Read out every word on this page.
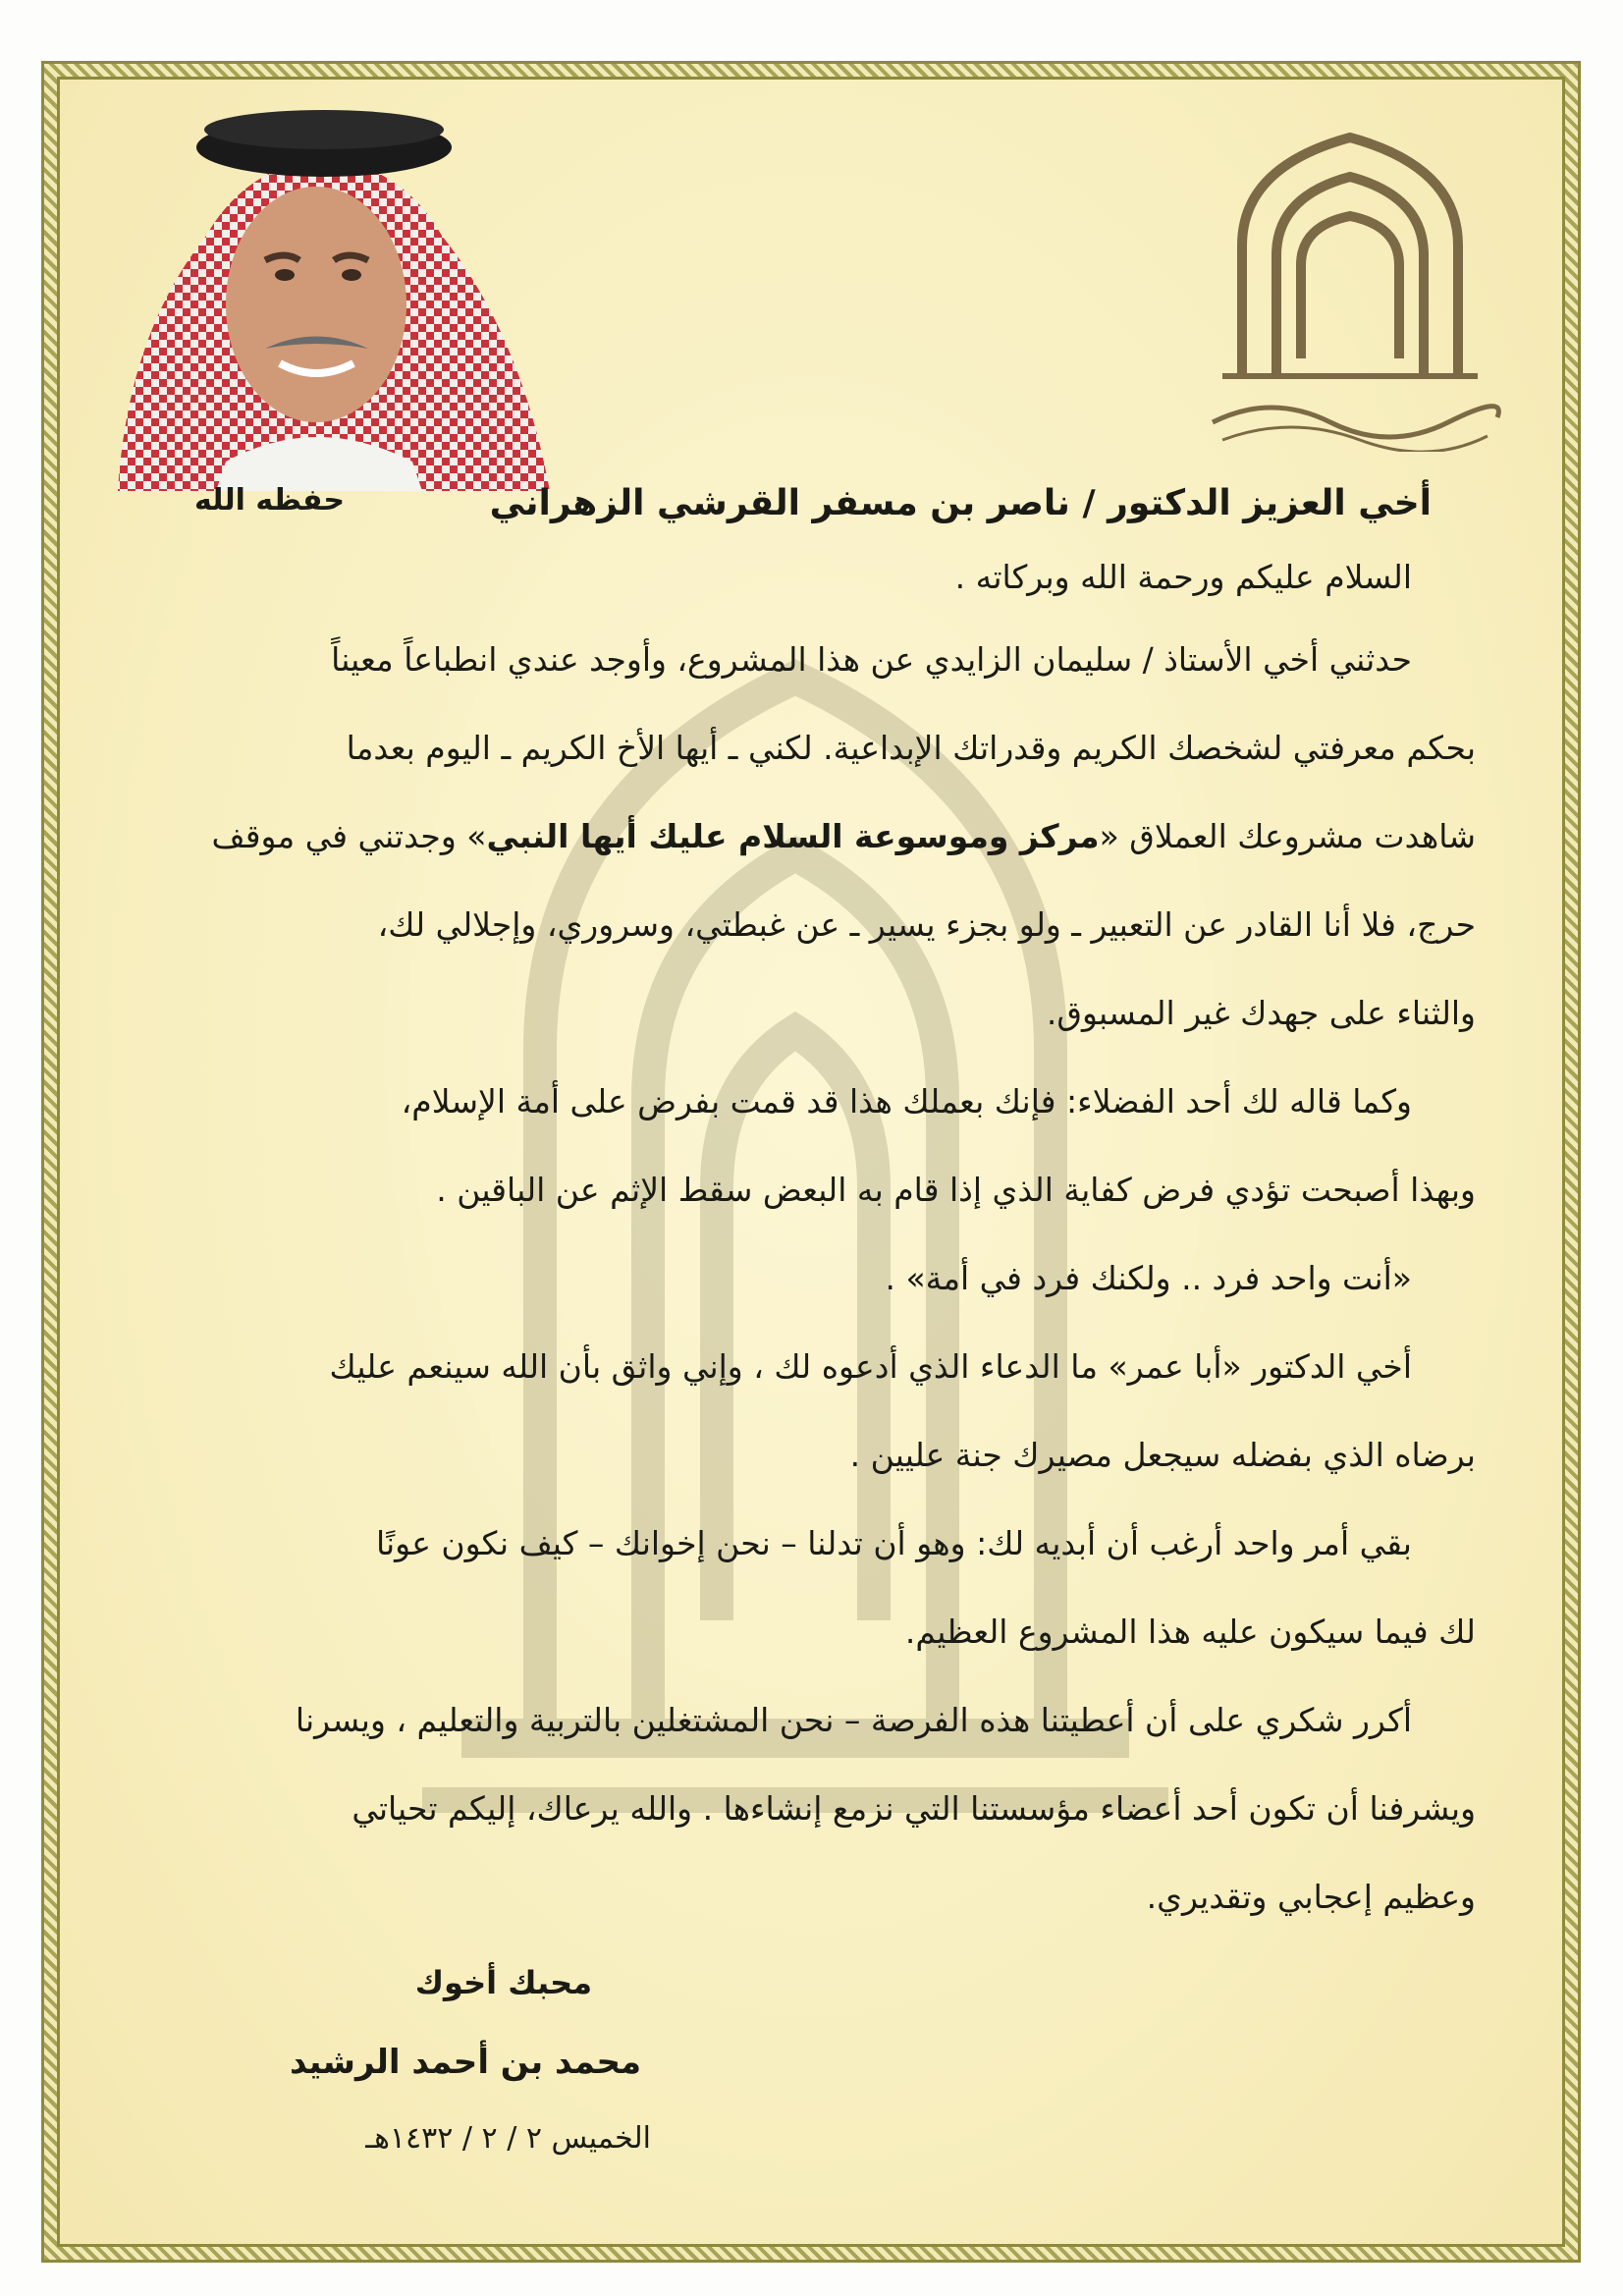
أخي العزيز الدكتور / ناصر بن مسفر القرشي الزهراني
حفظه الله
السلام عليكم ورحمة الله وبركاته .
حدثني أخي الأستاذ / سليمان الزايدي عن هذا المشروع، وأوجد عندي انطباعاً معيناً
بحكم معرفتي لشخصك الكريم وقدراتك الإبداعية. لكني ـ أيها الأخ الكريم ـ اليوم بعدما
شاهدت مشروعك العملاق «مركز وموسوعة السلام عليك أيها النبي» وجدتني في موقف
حرج، فلا أنا القادر عن التعبير ـ ولو بجزء يسير ـ عن غبطتي، وسروري، وإجلالي لك،
والثناء على جهدك غير المسبوق.
وكما قاله لك أحد الفضلاء: فإنك بعملك هذا قد قمت بفرض على أمة الإسلام،
وبهذا أصبحت تؤدي فرض كفاية الذي إذا قام به البعض سقط الإثم عن الباقين .
«أنت واحد فرد .. ولكنك فرد في أمة» .
أخي الدكتور «أبا عمر» ما الدعاء الذي أدعوه لك ، وإني واثق بأن الله سينعم عليك
برضاه الذي بفضله سيجعل مصيرك جنة عليين .
بقي أمر واحد أرغب أن أبديه لك: وهو أن تدلنا – نحن إخوانك – كيف نكون عونًا
لك فيما سيكون عليه هذا المشروع العظيم.
أكرر شكري على أن أعطيتنا هذه الفرصة – نحن المشتغلين بالتربية والتعليم ، ويسرنا
ويشرفنا أن تكون أحد أعضاء مؤسستنا التي نزمع إنشاءها . والله يرعاك، إليكم تحياتي
وعظيم إعجابي وتقديري.
محبك أخوك
محمد بن أحمد الرشيد
الخميس ٢ / ٢ / ١٤٣٢هـ
